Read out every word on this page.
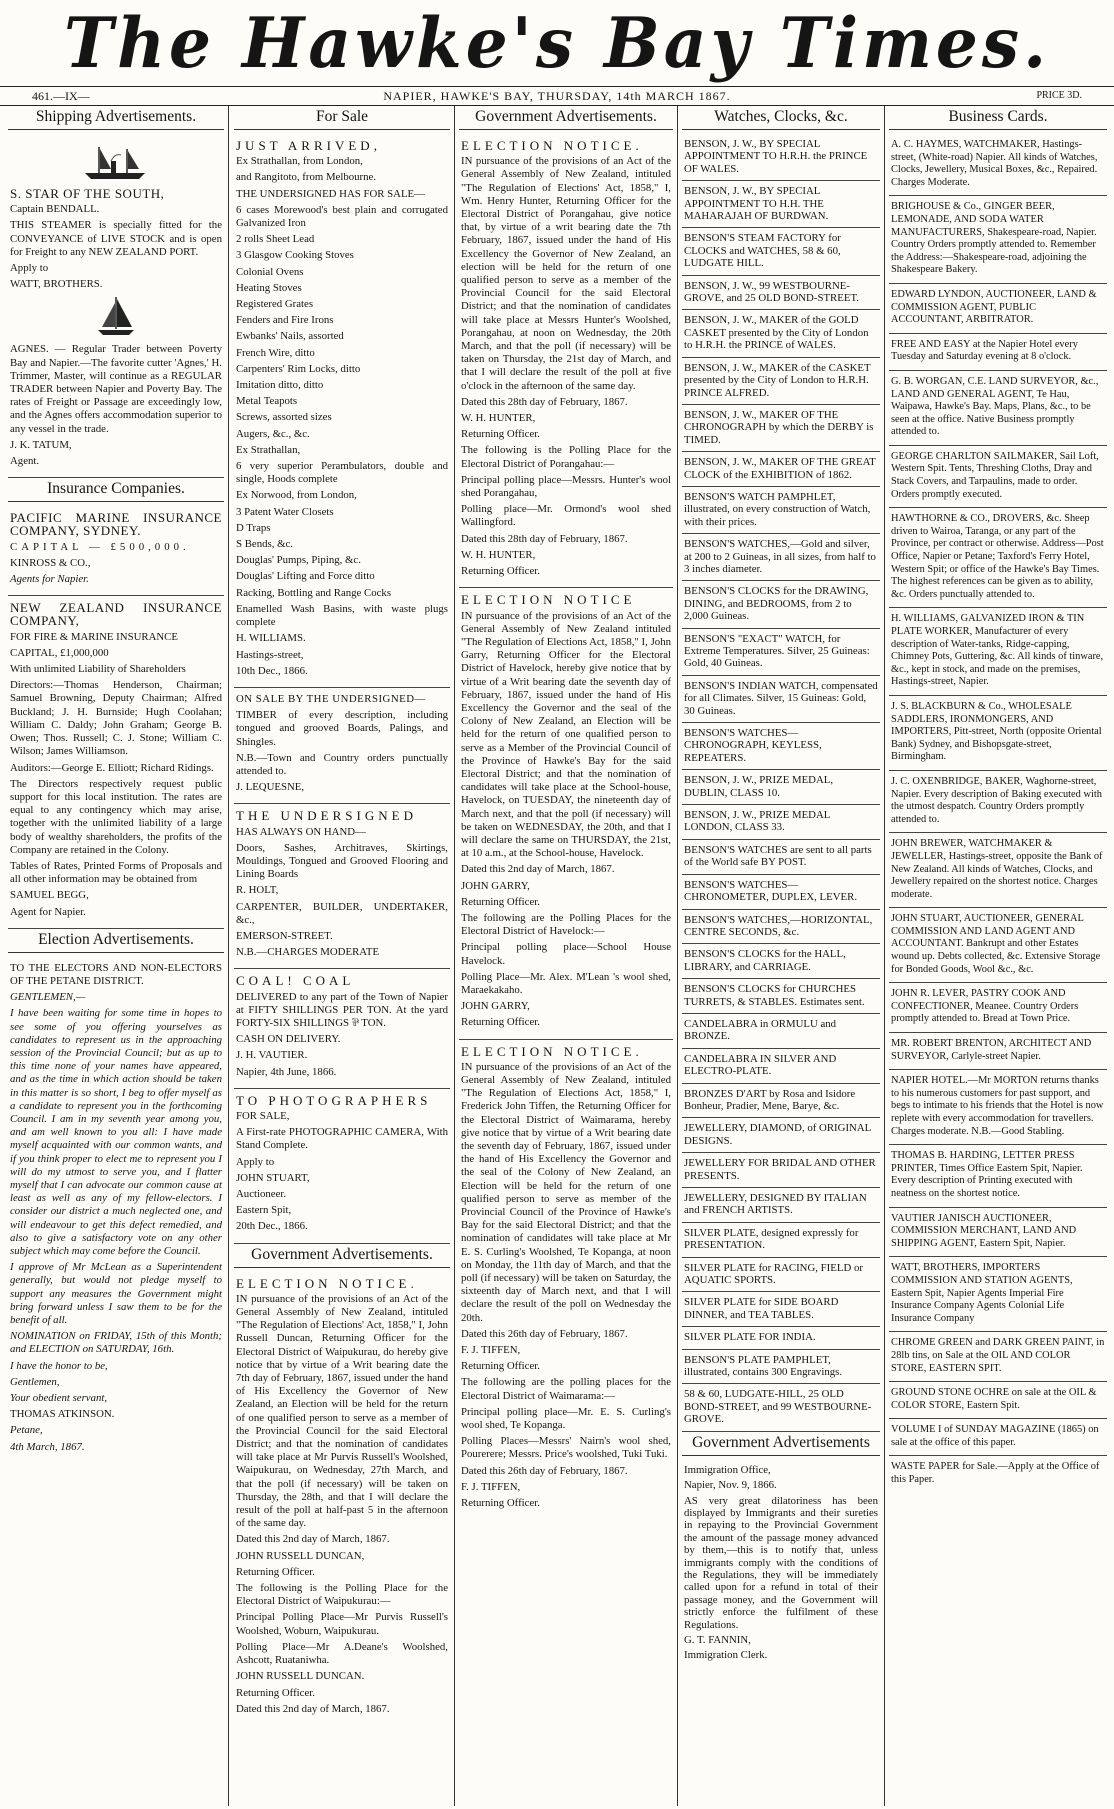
The Hawke's Bay Times.
461.—IX—	NAPIER, HAWKE'S BAY, THURSDAY, 14th MARCH 1867.	PRICE 3D.
Shipping Advertisements.

S. STAR OF THE SOUTH,

Captain BENDALL.

THIS STEAMER is specially fitted for the CONVEYANCE of LIVE STOCK and is open for Freight to any NEW ZEALAND PORT.

Apply to

WATT, BROTHERS.

AGNES. — Regular Trader between Poverty Bay and Napier.—The favorite cutter 'Agnes,' H. Trimmer, Master, will continue as a REGULAR TRADER between Napier and Poverty Bay. The rates of Freight or Passage are exceedingly low, and the Agnes offers accommodation superior to any vessel in the trade.

J. K. TATUM,

Agent.

Insurance Companies.

PACIFIC MARINE INSURANCE COMPANY, SYDNEY.

CAPITAL — £500,000.

KINROSS & CO.,

Agents for Napier.

NEW ZEALAND INSURANCE COMPANY,

FOR FIRE & MARINE INSURANCE

CAPITAL, £1,000,000

With unlimited Liability of Shareholders

Directors:—Thomas Henderson, Chairman; Samuel Browning, Deputy Chairman; Alfred Buckland; J. H. Burnside; Hugh Coolahan; William C. Daldy; John Graham; George B. Owen; Thos. Russell; C. J. Stone; William C. Wilson; James Williamson.

Auditors:—George E. Elliott; Richard Ridings.

The Directors respectively request public support for this local institution. The rates are equal to any contingency which may arise, together with the unlimited liability of a large body of wealthy shareholders, the profits of the Company are retained in the Colony.

Tables of Rates, Printed Forms of Proposals and all other information may be obtained from

SAMUEL BEGG,

Agent for Napier.

Election Advertisements.

TO THE ELECTORS AND NON-ELECTORS OF THE PETANE DISTRICT.

GENTLEMEN,—

I have been waiting for some time in hopes to see some of you offering yourselves as candidates to represent us in the approaching session of the Provincial Council; but as up to this time none of your names have appeared, and as the time in which action should be taken in this matter is so short, I beg to offer myself as a candidate to represent you in the forthcoming Council. I am in my seventh year among you, and am well known to you all: I have made myself acquainted with our common wants, and if you think proper to elect me to represent you I will do my utmost to serve you, and I flatter myself that I can advocate our common cause at least as well as any of my fellow-electors. I consider our district a much neglected one, and will endeavour to get this defect remedied, and also to give a satisfactory vote on any other subject which may come before the Council.

I approve of Mr McLean as a Superintendent generally, but would not pledge myself to support any measures the Government might bring forward unless I saw them to be for the benefit of all.

NOMINATION on FRIDAY, 15th of this Month; and ELECTION on SATURDAY, 16th.

I have the honor to be,

Gentlemen,

Your obedient servant,

THOMAS ATKINSON.

Petane,

4th March, 1867.

For Sale

JUST ARRIVED,

Ex Strathallan, from London,

and Rangitoto, from Melbourne.

THE UNDERSIGNED HAS FOR SALE—

6 cases Morewood's best plain and corrugated Galvanized Iron

2 rolls Sheet Lead

3 Glasgow Cooking Stoves

Colonial Ovens

Heating Stoves

Registered Grates

Fenders and Fire Irons

Ewbanks' Nails, assorted

French Wire, ditto

Carpenters' Rim Locks, ditto

Imitation ditto, ditto

Metal Teapots

Screws, assorted sizes

Augers, &c., &c.

Ex Strathallan,

6 very superior Perambulators, double and single, Hoods complete

Ex Norwood, from London,

3 Patent Water Closets

D Traps

S Bends, &c.

Douglas' Pumps, Piping, &c.

Douglas' Lifting and Force ditto

Racking, Bottling and Range Cocks

Enamelled Wash Basins, with waste plugs complete

H. WILLIAMS.

Hastings-street,

10th Dec., 1866.

ON SALE BY THE UNDERSIGNED—

TIMBER of every description, including tongued and grooved Boards, Palings, and Shingles.

N.B.—Town and Country orders punctually attended to.

J. LEQUESNE,

THE UNDERSIGNED

HAS ALWAYS ON HAND—

Doors, Sashes, Architraves, Skirtings, Mouldings, Tongued and Grooved Flooring and Lining Boards

R. HOLT,

CARPENTER, BUILDER, UNDERTAKER, &c.,

EMERSON-STREET.

N.B.—CHARGES MODERATE

COAL! COAL

DELIVERED to any part of the Town of Napier at FIFTY SHILLINGS PER TON. At the yard FORTY-SIX SHILLINGS ⅌ TON.

CASH ON DELIVERY.

J. H. VAUTIER.

Napier, 4th June, 1866.

TO PHOTOGRAPHERS

FOR SALE,

A First-rate PHOTOGRAPHIC CAMERA, With Stand Complete.

Apply to

JOHN STUART,

Auctioneer.

Eastern Spit,

20th Dec., 1866.

Government Advertisements.

ELECTION NOTICE.

IN pursuance of the provisions of an Act of the General Assembly of New Zealand, intituled "The Regulation of Elections' Act, 1858," I, John Russell Duncan, Returning Officer for the Electoral District of Waipukurau, do hereby give notice that by virtue of a Writ bearing date the 7th day of February, 1867, issued under the hand of His Excellency the Governor of New Zealand, an Election will be held for the return of one qualified person to serve as a member of the Provincial Council for the said Electoral District; and that the nomination of candidates will take place at Mr Purvis Russell's Woolshed, Waipukurau, on Wednesday, 27th March, and that the poll (if necessary) will be taken on Thursday, the 28th, and that I will declare the result of the poll at half-past 5 in the afternoon of the same day.

Dated this 2nd day of March, 1867.

JOHN RUSSELL DUNCAN,

Returning Officer.

The following is the Polling Place for the Electoral District of Waipukurau:—

Principal Polling Place—Mr Purvis Russell's Woolshed, Woburn, Waipukurau.

Polling Place—Mr A.Deane's Woolshed, Ashcott, Ruataniwha.

JOHN RUSSELL DUNCAN.

Returning Officer.

Dated this 2nd day of March, 1867.

Government Advertisements.

ELECTION NOTICE.

IN pursuance of the provisions of an Act of the General Assembly of New Zealand, intituled "The Regulation of Elections' Act, 1858," I, Wm. Henry Hunter, Returning Officer for the Electoral District of Porangahau, give notice that, by virtue of a writ bearing date the 7th February, 1867, issued under the hand of His Excellency the Governor of New Zealand, an election will be held for the return of one qualified person to serve as a member of the Provincial Council for the said Electoral District; and that the nomination of candidates will take place at Messrs Hunter's Woolshed, Porangahau, at noon on Wednesday, the 20th March, and that the poll (if necessary) will be taken on Thursday, the 21st day of March, and that I will declare the result of the poll at five o'clock in the afternoon of the same day.

Dated this 28th day of February, 1867.

W. H. HUNTER,

Returning Officer.

The following is the Polling Place for the Electoral District of Porangahau:—

Principal polling place—Messrs. Hunter's wool shed Porangahau,

Polling place—Mr. Ormond's wool shed Wallingford.

Dated this 28th day of February, 1867.

W. H. HUNTER,

Returning Officer.

ELECTION NOTICE

IN pursuance of the provisions of an Act of the General Assembly of New Zealand intituled "The Regulation of Elections Act, 1858," I, John Garry, Returning Officer for the Electoral District of Havelock, hereby give notice that by virtue of a Writ bearing date the seventh day of February, 1867, issued under the hand of His Excellency the Governor and the seal of the Colony of New Zealand, an Election will be held for the return of one qualified person to serve as a Member of the Provincial Council of the Province of Hawke's Bay for the said Electoral District; and that the nomination of candidates will take place at the School-house, Havelock, on TUESDAY, the nineteenth day of March next, and that the poll (if necessary) will be taken on WEDNESDAY, the 20th, and that I will declare the same on THURSDAY, the 21st, at 10 a.m., at the School-house, Havelock.

Dated this 2nd day of March, 1867.

JOHN GARRY,

Returning Officer.

The following are the Polling Places for the Electoral District of Havelock:—

Principal polling place—School House Havelock.

Polling Place—Mr. Alex. M'Lean 's wool shed, Maraekakaho.

JOHN GARRY,

Returning Officer.

ELECTION NOTICE.

IN pursuance of the provisions of an Act of the General Assembly of New Zealand, intituled "The Regulation of Elections Act, 1858," I, Frederick John Tiffen, the Returning Officer for the Electoral District of Waimarama, hereby give notice that by virtue of a Writ bearing date the seventh day of February, 1867, issued under the hand of His Excellency the Governor and the seal of the Colony of New Zealand, an Election will be held for the return of one qualified person to serve as member of the Provincial Council of the Province of Hawke's Bay for the said Electoral District; and that the nomination of candidates will take place at Mr E. S. Curling's Woolshed, Te Kopanga, at noon on Monday, the 11th day of March, and that the poll (if necessary) will be taken on Saturday, the sixteenth day of March next, and that I will declare the result of the poll on Wednesday the 20th.

Dated this 26th day of February, 1867.

F. J. TIFFEN,

Returning Officer.

The following are the polling places for the Electoral District of Waimarama:—

Principal polling place—Mr. E. S. Curling's wool shed, Te Kopanga.

Polling Places—Messrs' Nairn's wool shed, Pourerere; Messrs. Price's woolshed, Tuki Tuki.

Dated this 26th day of February, 1867.

F. J. TIFFEN,

Returning Officer.

Watches, Clocks, &c.
BENSON, J. W., BY SPECIAL APPOINTMENT TO H.R.H. the PRINCE OF WALES.
BENSON, J. W., BY SPECIAL APPOINTMENT TO H.H. THE MAHARAJAH OF BURDWAN.
BENSON'S STEAM FACTORY for CLOCKS and WATCHES, 58 & 60, LUDGATE HILL.
BENSON, J. W., 99 WESTBOURNE-GROVE, and 25 OLD BOND-STREET.
BENSON, J. W., MAKER of the GOLD CASKET presented by the City of London to H.R.H. the PRINCE of WALES.
BENSON, J. W., MAKER of the CASKET presented by the City of London to H.R.H. PRINCE ALFRED.
BENSON, J. W., MAKER OF THE CHRONOGRAPH by which the DERBY is TIMED.
BENSON, J. W., MAKER OF THE GREAT CLOCK of the EXHIBITION of 1862.
BENSON'S WATCH PAMPHLET, illustrated, on every construction of Watch, with their prices.
BENSON'S WATCHES,—Gold and silver, at 200 to 2 Guineas, in all sizes, from half to 3 inches diameter.
BENSON'S CLOCKS for the DRAWING, DINING, and BEDROOMS, from 2 to 2,000 Guineas.
BENSON'S "EXACT" WATCH, for Extreme Temperatures. Silver, 25 Guineas: Gold, 40 Guineas.
BENSON'S INDIAN WATCH, compensated for all Climates. Silver, 15 Guineas: Gold, 30 Guineas.
BENSON'S WATCHES—CHRONOGRAPH, KEYLESS, REPEATERS.
BENSON, J. W., PRIZE MEDAL, DUBLIN, CLASS 10.
BENSON, J. W., PRIZE MEDAL LONDON, CLASS 33.
BENSON'S WATCHES are sent to all parts of the World safe BY POST.
BENSON'S WATCHES—CHRONOMETER, DUPLEX, LEVER.
BENSON'S WATCHES,—HORIZONTAL, CENTRE SECONDS, &c.
BENSON'S CLOCKS for the HALL, LIBRARY, and CARRIAGE.
BENSON'S CLOCKS for CHURCHES TURRETS, & STABLES. Estimates sent.
CANDELABRA in ORMULU and BRONZE.
CANDELABRA IN SILVER AND ELECTRO-PLATE.
BRONZES D'ART by Rosa and Isidore Bonheur, Pradier, Mene, Barye, &c.
JEWELLERY, DIAMOND, of ORIGINAL DESIGNS.
JEWELLERY FOR BRIDAL AND OTHER PRESENTS.
JEWELLERY, DESIGNED BY ITALIAN and FRENCH ARTISTS.
SILVER PLATE, designed expressly for PRESENTATION.
SILVER PLATE for RACING, FIELD or AQUATIC SPORTS.
SILVER PLATE for SIDE BOARD DINNER, and TEA TABLES.
SILVER PLATE FOR INDIA.
BENSON'S PLATE PAMPHLET, illustrated, contains 300 Engravings.
58 & 60, LUDGATE-HILL, 25 OLD BOND-STREET, and 99 WESTBOURNE-GROVE.
Government Advertisements

Immigration Office,

Napier, Nov. 9, 1866.

AS very great dilatoriness has been displayed by Immigrants and their sureties in repaying to the Provincial Government the amount of the passage money advanced by them,—this is to notify that, unless immigrants comply with the conditions of the Regulations, they will be immediately called upon for a refund in total of their passage money, and the Government will strictly enforce the fulfilment of these Regulations.

G. T. FANNIN,

Immigration Clerk.

Business Cards.
A. C. HAYMES, WATCHMAKER, Hastings-street, (White-road) Napier. All kinds of Watches, Clocks, Jewellery, Musical Boxes, &c., Repaired. Charges Moderate.
BRIGHOUSE & Co., GINGER BEER, LEMONADE, AND SODA WATER MANUFACTURERS, Shakespeare-road, Napier. Country Orders promptly attended to. Remember the Address:—Shakespeare-road, adjoining the Shakespeare Bakery.
EDWARD LYNDON, AUCTIONEER, LAND & COMMISSION AGENT, PUBLIC ACCOUNTANT, ARBITRATOR.
FREE AND EASY at the Napier Hotel every Tuesday and Saturday evening at 8 o'clock.
G. B. WORGAN, C.E. LAND SURVEYOR, &c., LAND AND GENERAL AGENT, Te Hau, Waipawa, Hawke's Bay. Maps, Plans, &c., to be seen at the office. Native Business promptly attended to.
GEORGE CHARLTON SAILMAKER, Sail Loft, Western Spit. Tents, Threshing Cloths, Dray and Stack Covers, and Tarpaulins, made to order. Orders promptly executed.
HAWTHORNE & CO., DROVERS, &c. Sheep driven to Wairoa, Taranga, or any part of the Province, per contract or otherwise. Address—Post Office, Napier or Petane; Taxford's Ferry Hotel, Western Spit; or office of the Hawke's Bay Times. The highest references can be given as to ability, &c. Orders punctually attended to.
H. WILLIAMS, GALVANIZED IRON & TIN PLATE WORKER, Manufacturer of every description of Water-tanks, Ridge-capping, Chimney Pots, Guttering, &c. All kinds of tinware, &c., kept in stock, and made on the premises, Hastings-street, Napier.
J. S. BLACKBURN & Co., WHOLESALE SADDLERS, IRONMONGERS, AND IMPORTERS, Pitt-street, North (opposite Oriental Bank) Sydney, and Bishopsgate-street, Birmingham.
J. C. OXENBRIDGE, BAKER, Waghorne-street, Napier. Every description of Baking executed with the utmost despatch. Country Orders promptly attended to.
JOHN BREWER, WATCHMAKER & JEWELLER, Hastings-street, opposite the Bank of New Zealand. All kinds of Watches, Clocks, and Jewellery repaired on the shortest notice. Charges moderate.
JOHN STUART, AUCTIONEER, GENERAL COMMISSION AND LAND AGENT AND ACCOUNTANT. Bankrupt and other Estates wound up. Debts collected, &c. Extensive Storage for Bonded Goods, Wool &c., &c.
JOHN R. LEVER, PASTRY COOK AND CONFECTIONER, Meanee. Country Orders promptly attended to. Bread at Town Price.
MR. ROBERT BRENTON, ARCHITECT AND SURVEYOR, Carlyle-street Napier.
NAPIER HOTEL.—Mr MORTON returns thanks to his numerous customers for past support, and begs to intimate to his friends that the Hotel is now replete with every accommodation for travellers. Charges moderate. N.B.—Good Stabling.
THOMAS B. HARDING, LETTER PRESS PRINTER, Times Office Eastern Spit, Napier. Every description of Printing executed with neatness on the shortest notice.
VAUTIER JANISCH AUCTIONEER, COMMISSION MERCHANT, LAND AND SHIPPING AGENT, Eastern Spit, Napier.
WATT, BROTHERS, IMPORTERS COMMISSION AND STATION AGENTS, Eastern Spit, Napier Agents Imperial Fire Insurance Company Agents Colonial Life Insurance Company
CHROME GREEN and DARK GREEN PAINT, in 28lb tins, on Sale at the OIL AND COLOR STORE, EASTERN SPIT.
GROUND STONE OCHRE on sale at the OIL & COLOR STORE, Eastern Spit.
VOLUME I of SUNDAY MAGAZINE (1865) on sale at the office of this paper.
WASTE PAPER for Sale.—Apply at the Office of this Paper.
